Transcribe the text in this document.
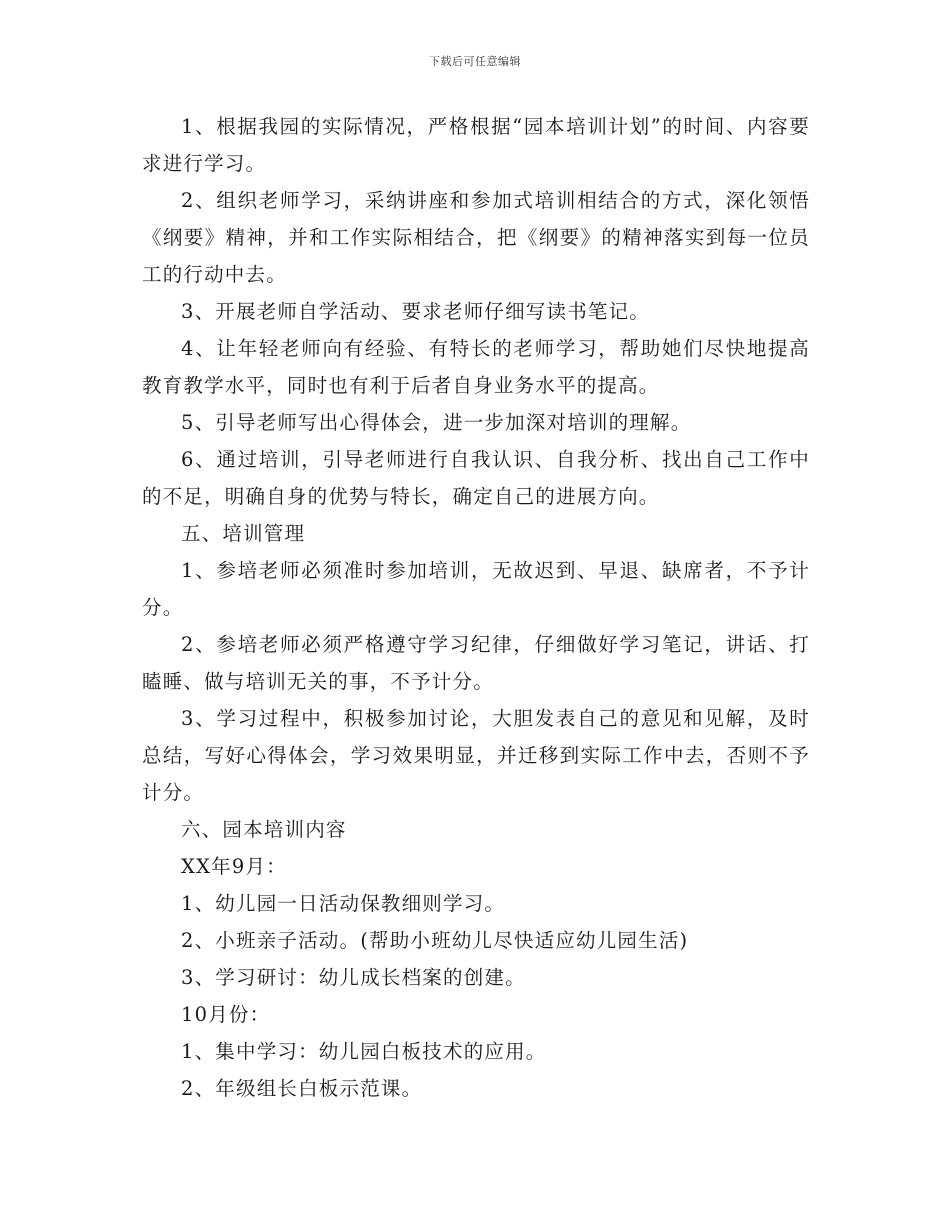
下载后可任意编辑

1、根据我园的实际情况，严格根据“园本培训计划”的时间、内容要求进行学习。

2、组织老师学习，采纳讲座和参加式培训相结合的方式，深化领悟《纲要》精神，并和工作实际相结合，把《纲要》的精神落实到每一位员工的行动中去。

3、开展老师自学活动、要求老师仔细写读书笔记。

4、让年轻老师向有经验、有特长的老师学习，帮助她们尽快地提高教育教学水平，同时也有利于后者自身业务水平的提高。

5、引导老师写出心得体会，进一步加深对培训的理解。

6、通过培训，引导老师进行自我认识、自我分析、找出自己工作中的不足，明确自身的优势与特长，确定自己的进展方向。

五、培训管理

1、参培老师必须准时参加培训，无故迟到、早退、缺席者，不予计分。

2、参培老师必须严格遵守学习纪律，仔细做好学习笔记，讲话、打瞌睡、做与培训无关的事，不予计分。

3、学习过程中，积极参加讨论，大胆发表自己的意见和见解，及时总结，写好心得体会，学习效果明显，并迁移到实际工作中去，否则不予计分。

六、园本培训内容

XX年9月：

1、幼儿园一日活动保教细则学习。

2、小班亲子活动。(帮助小班幼儿尽快适应幼儿园生活)

3、学习研讨：幼儿成长档案的创建。

10月份：

1、集中学习：幼儿园白板技术的应用。

2、年级组长白板示范课。
